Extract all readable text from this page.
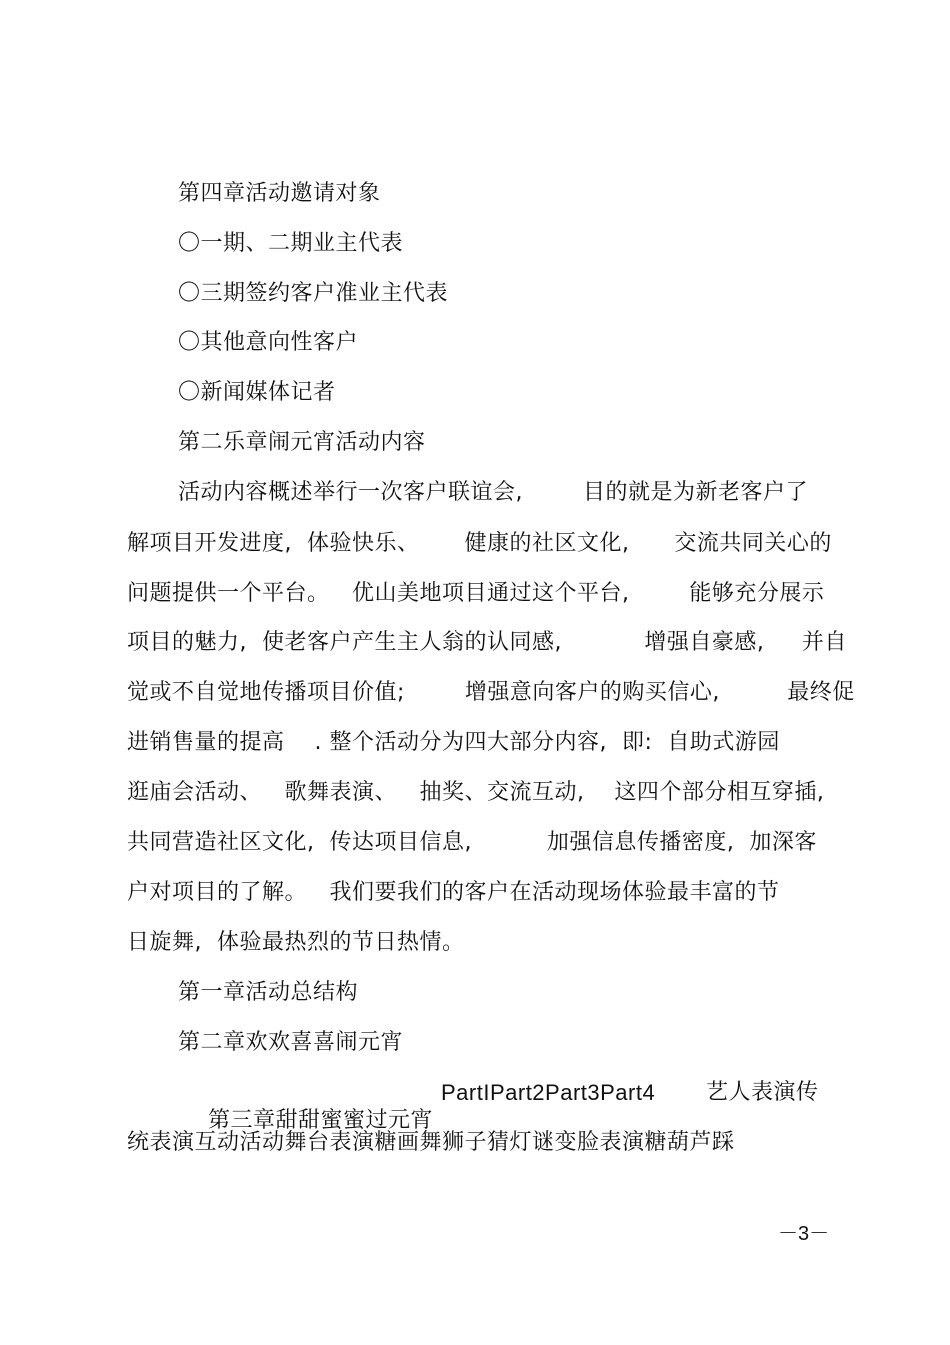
第四章活动邀请对象
〇一期、二期业主代表
〇三期签约客户准业主代表
〇其他意向性客户
〇新闻媒体记者
第二乐章闹元宵活动内容
活动内容概述举行一次客户联谊会,        目的就是为新老客户了
解项目开发进度,  体验快乐、      健康的社区文化,      交流共同关心的
问题提供一个平台。   优山美地项目通过这个平台,        能够充分展示
项目的魅力,  使老客户产生主人翁的认同感,           增强自豪感,     并自
觉或不自觉地传播项目价值;        增强意向客户的购买信心,         最终促
进销售量的提高    . 整个活动分为四大部分内容,  即:  自助式游园
逛庙会活动、   歌舞表演、   抽奖、交流互动,    这四个部分相互穿插,
共同营造社区文化,  传达项目信息,          加强信息传播密度,  加深客
户对项目的了解。   我们要我们的客户在活动现场体验最丰富的节
日旋舞,  体验最热烈的节日热情。
第一章活动总结构
第二章欢欢喜喜闹元宵

第三章甜甜蜜蜜过元宵

PartIPart2Part3Part4

艺人表演传

统表演互动活动舞台表演糖画舞狮子猜灯谜变脸表演糖葫芦踩
－3－
